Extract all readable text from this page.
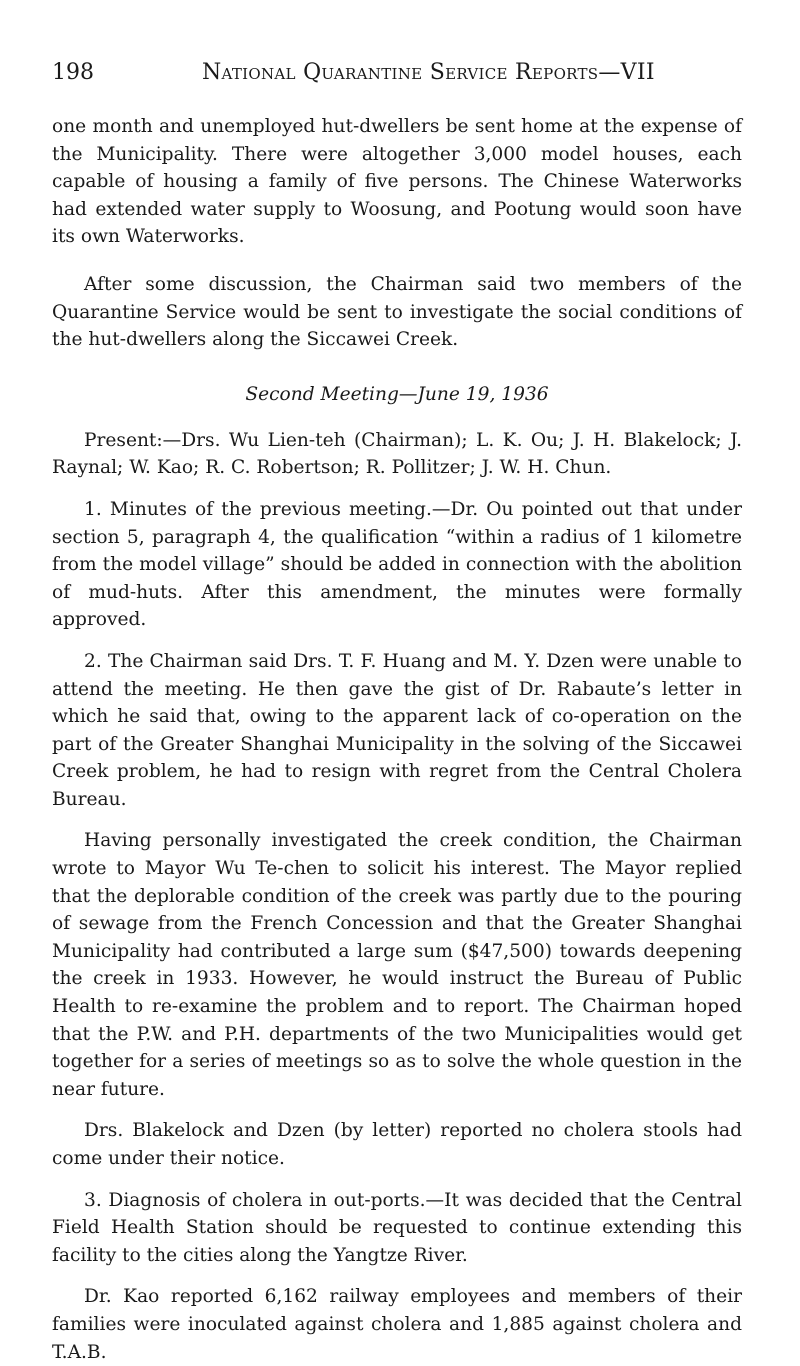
198	National Quarantine Service Reports—VII

one month and unemployed hut-dwellers be sent home at the expense of the Municipality. There were altogether 3,000 model houses, each capable of housing a family of five persons. The Chinese Waterworks had extended water supply to Woosung, and Pootung would soon have its own Waterworks.

After some discussion, the Chairman said two members of the Quarantine Service would be sent to investigate the social conditions of the hut-dwellers along the Siccawei Creek.

Second Meeting—June 19, 1936

Present:—Drs. Wu Lien-teh (Chairman); L. K. Ou; J. H. Blakelock; J. Raynal; W. Kao; R. C. Robertson; R. Pollitzer; J. W. H. Chun.

1. Minutes of the previous meeting.—Dr. Ou pointed out that under section 5, paragraph 4, the qualification “within a radius of 1 kilometre from the model village” should be added in connection with the abolition of mud-huts. After this amendment, the minutes were formally approved.

2. The Chairman said Drs. T. F. Huang and M. Y. Dzen were unable to attend the meeting. He then gave the gist of Dr. Rabaute’s letter in which he said that, owing to the apparent lack of co-operation on the part of the Greater Shanghai Municipality in the solving of the Siccawei Creek problem, he had to resign with regret from the Central Cholera Bureau.

Having personally investigated the creek condition, the Chairman wrote to Mayor Wu Te-chen to solicit his interest. The Mayor replied that the deplorable condition of the creek was partly due to the pouring of sewage from the French Concession and that the Greater Shanghai Municipality had contributed a large sum ($47,500) towards deepening the creek in 1933. However, he would instruct the Bureau of Public Health to re-examine the problem and to report. The Chairman hoped that the P.W. and P.H. departments of the two Municipalities would get together for a series of meetings so as to solve the whole question in the near future.

Drs. Blakelock and Dzen (by letter) reported no cholera stools had come under their notice.

3. Diagnosis of cholera in out-ports.—It was decided that the Central Field Health Station should be requested to continue extending this facility to the cities along the Yangtze River.

Dr. Kao reported 6,162 railway employees and members of their families were inoculated against cholera and 1,885 against cholera and T.A.B.
